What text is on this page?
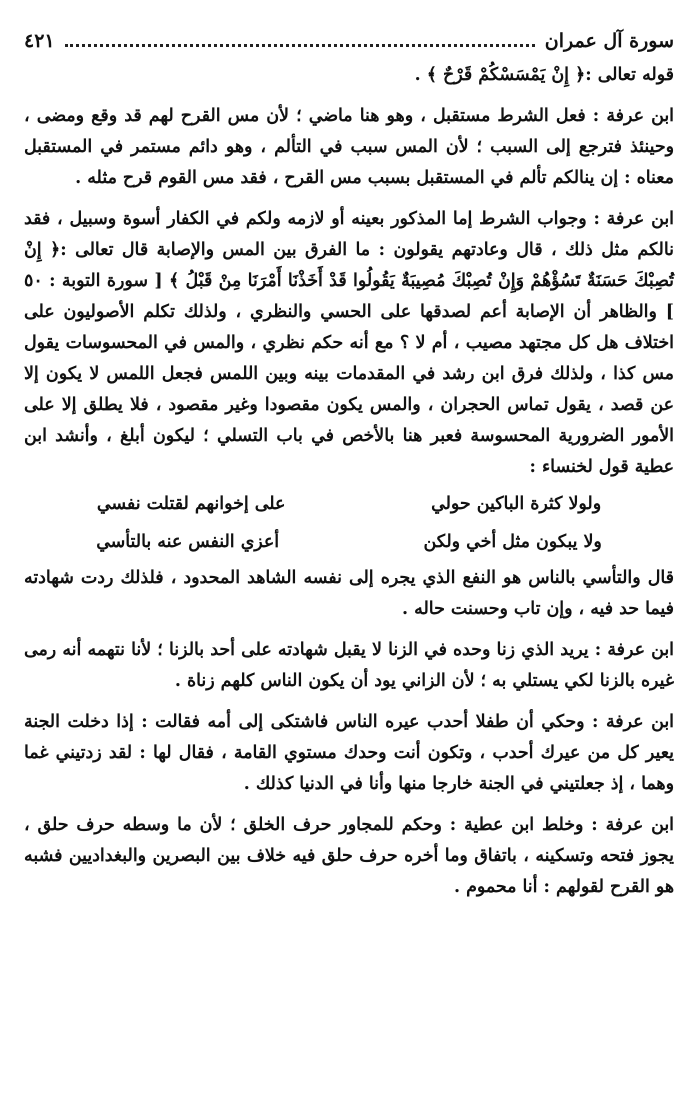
سورة آل عمران
٤٢١

قوله تعالى :﴿ إِنْ يَمْسَسْكُمْ قَرْحٌ ﴾ .

ابن عرفة : فعل الشرط مستقبل ، وهو هنا ماضي ؛ لأن مس القرح لهم قد وقع ومضى ، وحينئذ فترجع إلى السبب ؛ لأن المس سبب في التألم ، وهو دائم مستمر في المستقبل معناه : إن ينالكم تألم في المستقبل بسبب مس القرح ، فقد مس القوم قرح مثله .

ابن عرفة : وجواب الشرط إما المذكور بعينه أو لازمه ولكم في الكفار أسوة وسبيل ، فقد نالكم مثل ذلك ، قال وعادتهم يقولون : ما الفرق بين المس والإصابة قال تعالى :﴿ إِنْ تُصِبْكَ حَسَنَةٌ تَسُؤْهُمْ وَإِنْ تُصِبْكَ مُصِيبَةٌ يَقُولُوا قَدْ أَخَذْنَا أَمْرَنَا مِنْ قَبْلُ ﴾ [ سورة التوبة : ٥٠ ] والظاهر أن الإصابة أعم لصدقها على الحسي والنظري ، ولذلك تكلم الأصوليون على اختلاف هل كل مجتهد مصيب ، أم لا ؟ مع أنه حكم نظري ، والمس في المحسوسات يقول مس كذا ، ولذلك فرق ابن رشد في المقدمات بينه وبين اللمس فجعل اللمس لا يكون إلا عن قصد ، يقول تماس الحجران ، والمس يكون مقصودا وغير مقصود ، فلا يطلق إلا على الأمور الضرورية المحسوسة فعبر هنا بالأخص في باب التسلي ؛ ليكون أبلغ ، وأنشد ابن عطية قول لخنساء :

ولولا كثرة الباكين حولي
على إخوانهم لقتلت نفسي
ولا يبكون مثل أخي ولكن
أعزي النفس عنه بالتأسي

قال والتأسي بالناس هو النفع الذي يجره إلى نفسه الشاهد المحدود ، فلذلك ردت شهادته فيما حد فيه ، وإن تاب وحسنت حاله .

ابن عرفة : يريد الذي زنا وحده في الزنا لا يقبل شهادته على أحد بالزنا ؛ لأنا نتهمه أنه رمى غيره بالزنا لكي يستلي به ؛ لأن الزاني يود أن يكون الناس كلهم زناة .

ابن عرفة : وحكي أن طفلا أحدب عيره الناس فاشتكى إلى أمه فقالت : إذا دخلت الجنة يعير كل من عيرك أحدب ، وتكون أنت وحدك مستوي القامة ، فقال لها : لقد زدتيني غما وهما ، إذ جعلتيني في الجنة خارجا منها وأنا في الدنيا كذلك .

ابن عرفة : وخلط ابن عطية : وحكم للمجاور حرف الخلق ؛ لأن ما وسطه حرف حلق ، يجوز فتحه وتسكينه ، باتفاق وما أخره حرف حلق فيه خلاف بين البصرين والبغداديين فشبه هو القرح لقولهم : أنا محموم .
